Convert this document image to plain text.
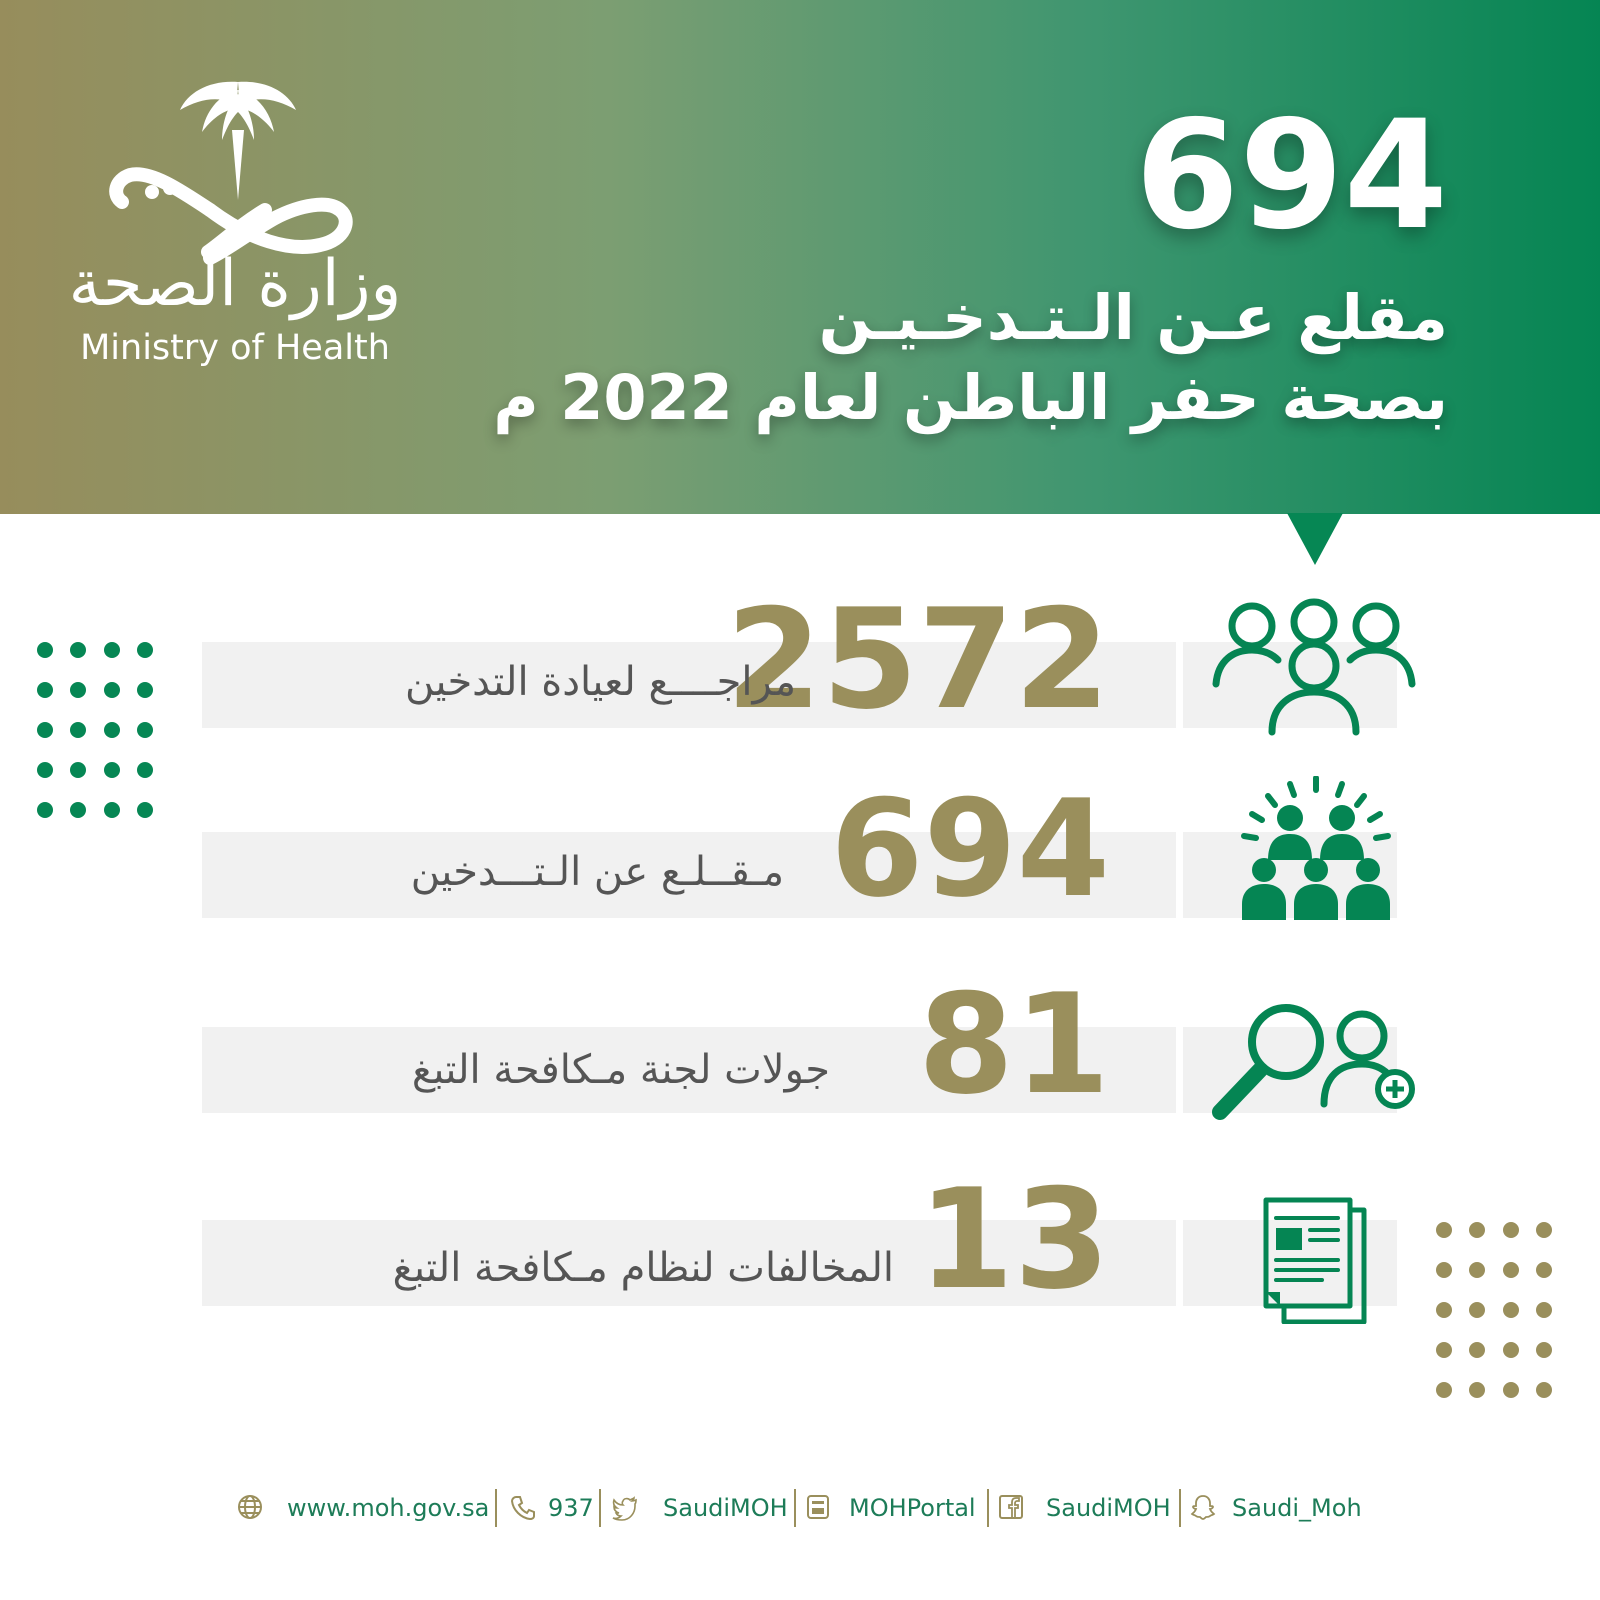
وزارة الصحة
Ministry of Health
694
مقلع عـن الـتـدخـيـن
بصحة حفر الباطن لعام 2022 م
2572
مراجــــع لعيادة التدخين
694
مـقــلـع عن الـتـــدخين
81
جولات لجنة مـكافحة التبغ
13
المخالفات لنظام مـكافحة التبغ
www.moh.gov.sa 937	SaudiMOH	MOHPortal	SaudiMOH	Saudi_Moh
